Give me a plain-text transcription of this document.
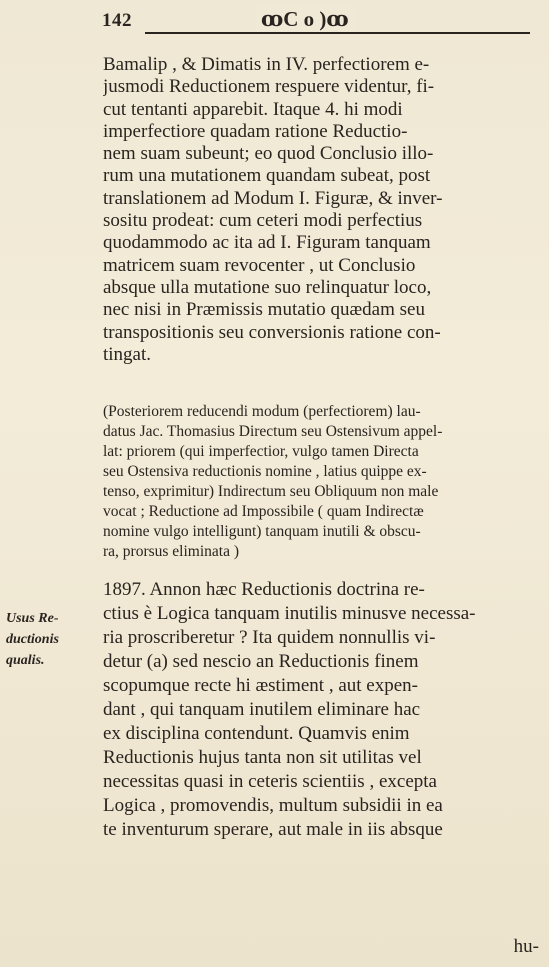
142	ꝏC o )ꝏ
Bamalip , & Dimatis in IV. perfectiorem e-
jusmodi Reductionem respuere videntur, fi-
cut tentanti apparebit. Itaque 4. hi modi
imperfectiore quadam ratione Reductio-
nem suam subeunt; eo quod Conclusio illo-
rum una mutationem quandam subeat, post
translationem ad Modum I. Figuræ, & inver-
sositu prodeat: cum ceteri modi perfectius
quodammodo ac ita ad I. Figuram tanquam
matricem suam revocenter , ut Conclusio
absque ulla mutatione suo relinquatur loco,
nec nisi in Præmissis mutatio quædam seu
transpositionis seu conversionis ratione con-
tingat.
(Posteriorem reducendi modum (perfectiorem) lau-
datus Jac. Thomasius Directum seu Ostensivum appel-
lat: priorem (qui imperfectior, vulgo tamen Directa
seu Ostensiva reductionis nomine , latius quippe ex-
tenso, exprimitur) Indirectum seu Obliquum non male
vocat ; Reductione ad Impossibile ( quam Indirectæ
nomine vulgo intelligunt) tanquam inutili & obscu-
ra, prorsus eliminata )
Usus Re-
ductionis
qualis.
1897. Annon hæc Reductionis doctrina re-
ctius è Logica tanquam inutilis minusve necessa-
ria proscriberetur ? Ita quidem nonnullis vi-
detur (a) sed nescio an Reductionis finem
scopumque recte hi æstiment , aut expen-
dant , qui tanquam inutilem eliminare hac
ex disciplina contendunt. Quamvis enim
Reductionis hujus tanta non sit utilitas vel
necessitas quasi in ceteris scientiis , excepta
Logica , promovendis, multum subsidii in ea
te inventurum sperare, aut male in iis absque
hu-
